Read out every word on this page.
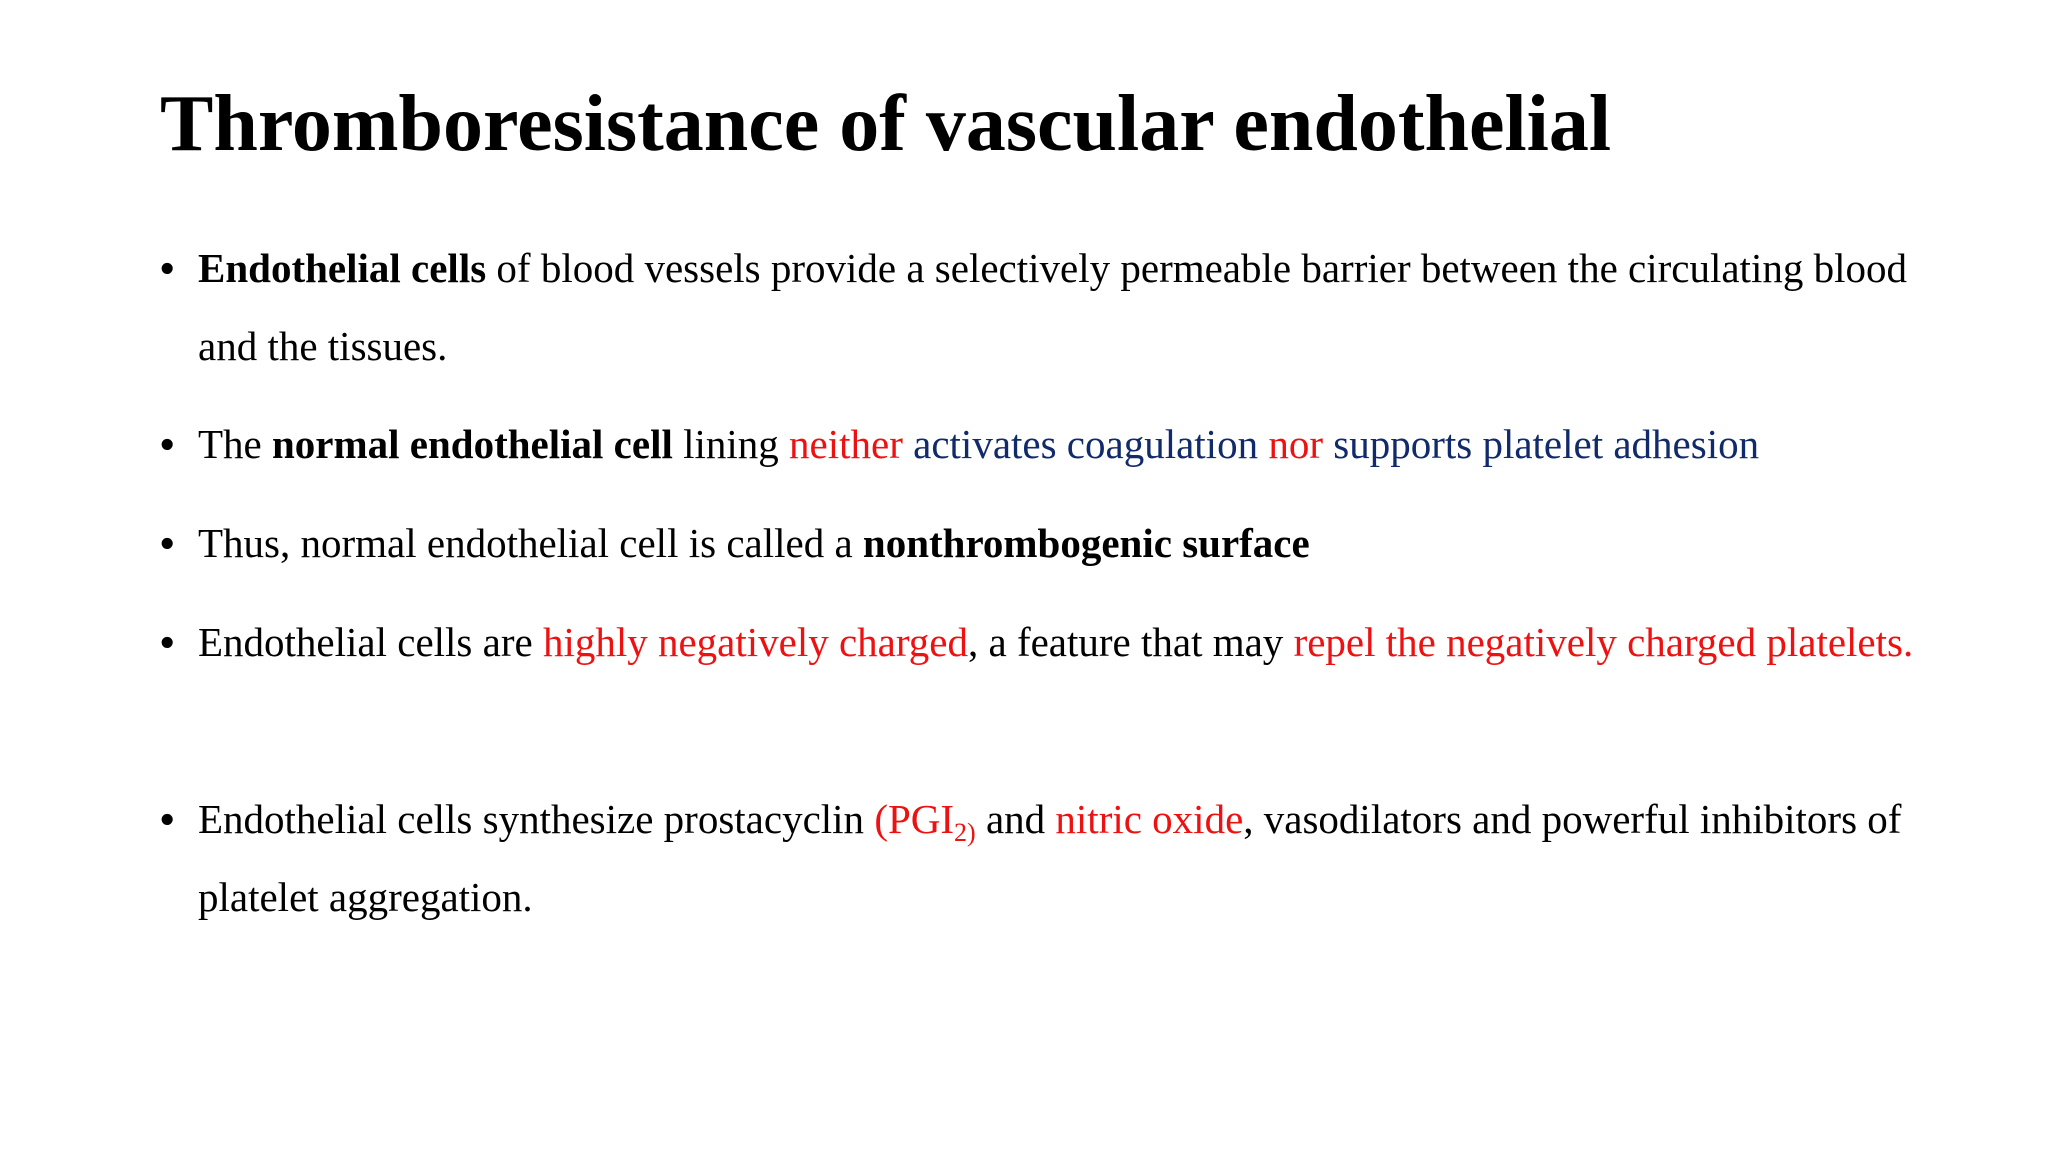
Thromboresistance of vascular endothelial
• Endothelial cells of blood vessels provide a selectively permeable barrier between the circulating blood and the tissues.
• The normal endothelial cell lining neither activates coagulation nor supports platelet adhesion
• Thus, normal endothelial cell is called a nonthrombogenic surface
• Endothelial cells are highly negatively charged, a feature that may repel the negatively charged platelets.
• Endothelial cells synthesize prostacyclin ($PGI_{2)}$ and nitric oxide, vasodilators and powerful inhibitors of platelet aggregation.
